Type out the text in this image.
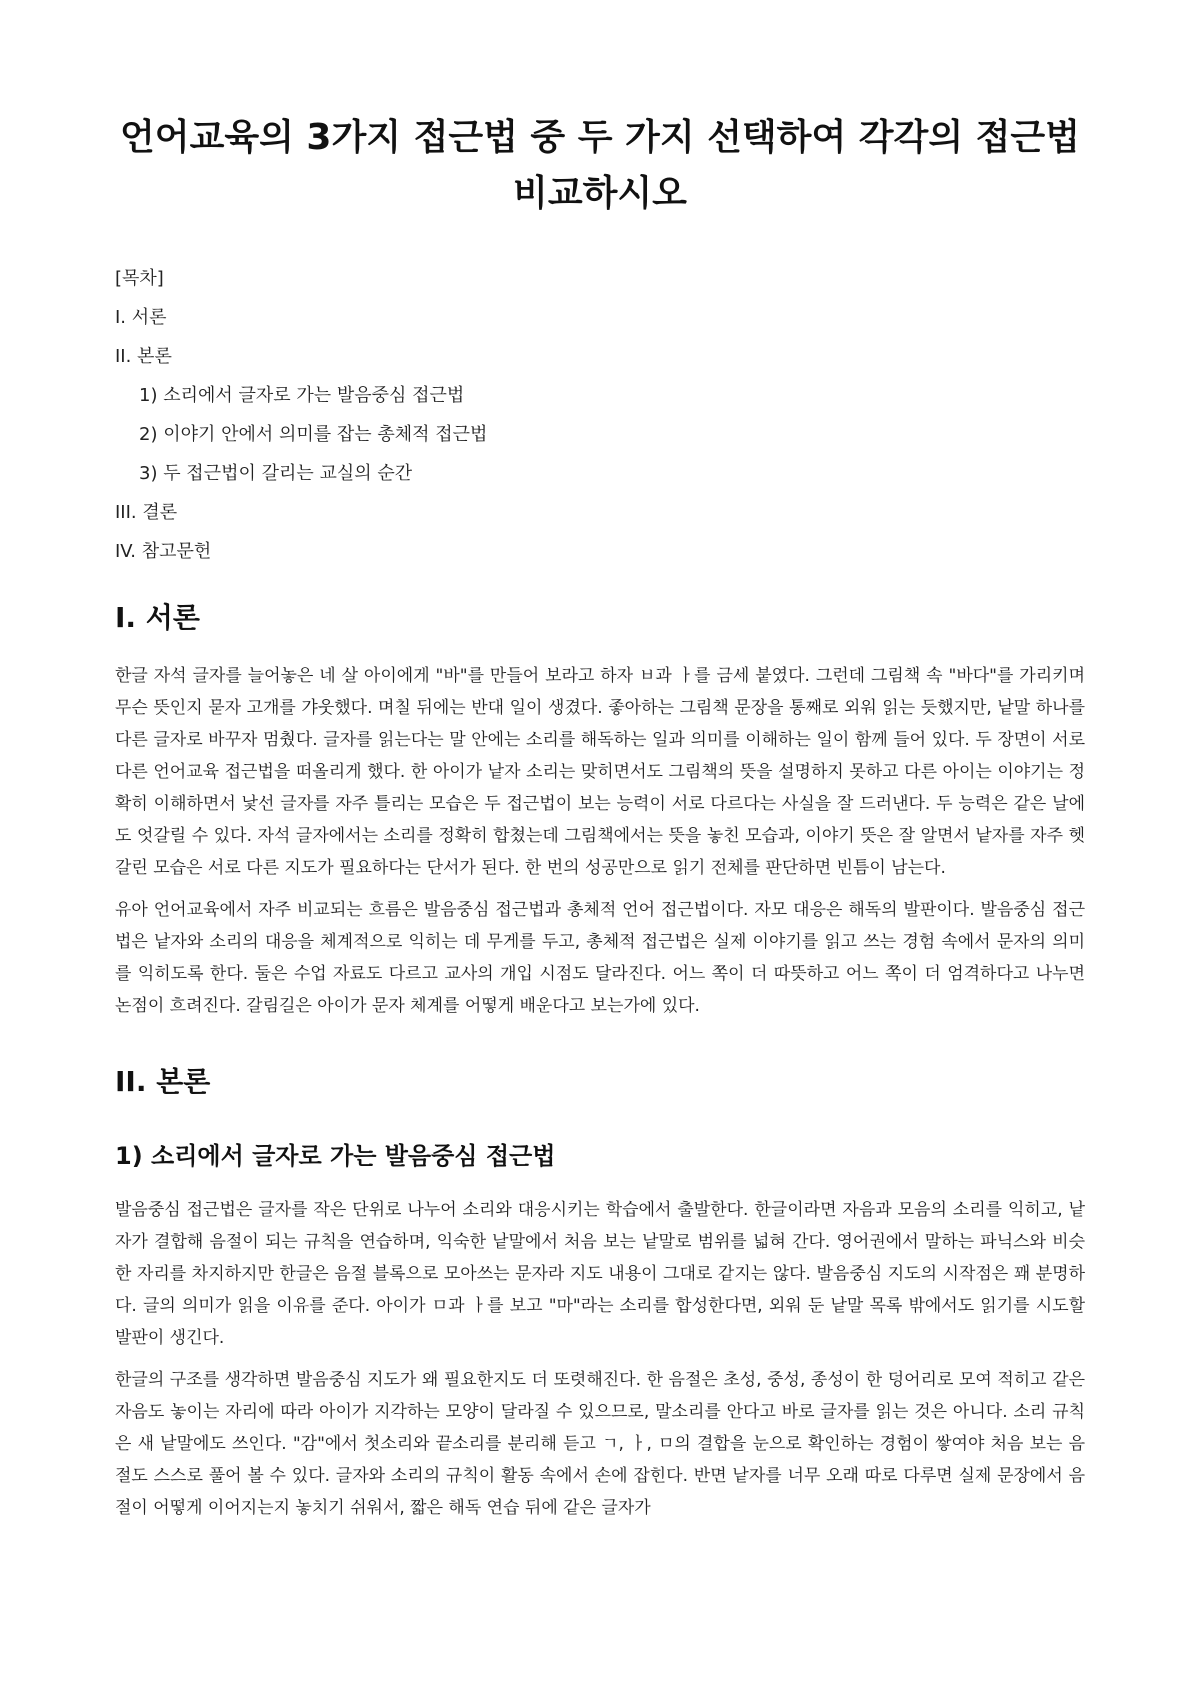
언어교육의 3가지 접근법 중 두 가지 선택하여 각각의 접근법 비교하시오
[목차]
I. 서론
II. 본론
1) 소리에서 글자로 가는 발음중심 접근법
2) 이야기 안에서 의미를 잡는 총체적 접근법
3) 두 접근법이 갈리는 교실의 순간
III. 결론
IV. 참고문헌
I. 서론

한글 자석 글자를 늘어놓은 네 살 아이에게 "바"를 만들어 보라고 하자 ㅂ과 ㅏ를 금세 붙였다. 그런데 그림책 속 "바다"를 가리키며 무슨 뜻인지 묻자 고개를 갸웃했다. 며칠 뒤에는 반대 일이 생겼다. 좋아하는 그림책 문장을 통째로 외워 읽는 듯했지만, 낱말 하나를 다른 글자로 바꾸자 멈췄다. 글자를 읽는다는 말 안에는 소리를 해독하는 일과 의미를 이해하는 일이 함께 들어 있다. 두 장면이 서로 다른 언어교육 접근법을 떠올리게 했다. 한 아이가 낱자 소리는 맞히면서도 그림책의 뜻을 설명하지 못하고 다른 아이는 이야기는 정확히 이해하면서 낯선 글자를 자주 틀리는 모습은 두 접근법이 보는 능력이 서로 다르다는 사실을 잘 드러낸다. 두 능력은 같은 날에도 엇갈릴 수 있다. 자석 글자에서는 소리를 정확히 합쳤는데 그림책에서는 뜻을 놓친 모습과, 이야기 뜻은 잘 알면서 낱자를 자주 헷갈린 모습은 서로 다른 지도가 필요하다는 단서가 된다. 한 번의 성공만으로 읽기 전체를 판단하면 빈틈이 남는다.

유아 언어교육에서 자주 비교되는 흐름은 발음중심 접근법과 총체적 언어 접근법이다. 자모 대응은 해독의 발판이다. 발음중심 접근법은 낱자와 소리의 대응을 체계적으로 익히는 데 무게를 두고, 총체적 접근법은 실제 이야기를 읽고 쓰는 경험 속에서 문자의 의미를 익히도록 한다. 둘은 수업 자료도 다르고 교사의 개입 시점도 달라진다. 어느 쪽이 더 따뜻하고 어느 쪽이 더 엄격하다고 나누면 논점이 흐려진다. 갈림길은 아이가 문자 체계를 어떻게 배운다고 보는가에 있다.

II. 본론
1) 소리에서 글자로 가는 발음중심 접근법

발음중심 접근법은 글자를 작은 단위로 나누어 소리와 대응시키는 학습에서 출발한다. 한글이라면 자음과 모음의 소리를 익히고, 낱자가 결합해 음절이 되는 규칙을 연습하며, 익숙한 낱말에서 처음 보는 낱말로 범위를 넓혀 간다. 영어권에서 말하는 파닉스와 비슷한 자리를 차지하지만 한글은 음절 블록으로 모아쓰는 문자라 지도 내용이 그대로 같지는 않다. 발음중심 지도의 시작점은 꽤 분명하다. 글의 의미가 읽을 이유를 준다. 아이가 ㅁ과 ㅏ를 보고 "마"라는 소리를 합성한다면, 외워 둔 낱말 목록 밖에서도 읽기를 시도할 발판이 생긴다.

한글의 구조를 생각하면 발음중심 지도가 왜 필요한지도 더 또렷해진다. 한 음절은 초성, 중성, 종성이 한 덩어리로 모여 적히고 같은 자음도 놓이는 자리에 따라 아이가 지각하는 모양이 달라질 수 있으므로, 말소리를 안다고 바로 글자를 읽는 것은 아니다. 소리 규칙은 새 낱말에도 쓰인다. "감"에서 첫소리와 끝소리를 분리해 듣고 ㄱ, ㅏ, ㅁ의 결합을 눈으로 확인하는 경험이 쌓여야 처음 보는 음절도 스스로 풀어 볼 수 있다. 글자와 소리의 규칙이 활동 속에서 손에 잡힌다. 반면 낱자를 너무 오래 따로 다루면 실제 문장에서 음절이 어떻게 이어지는지 놓치기 쉬워서, 짧은 해독 연습 뒤에 같은 글자가
